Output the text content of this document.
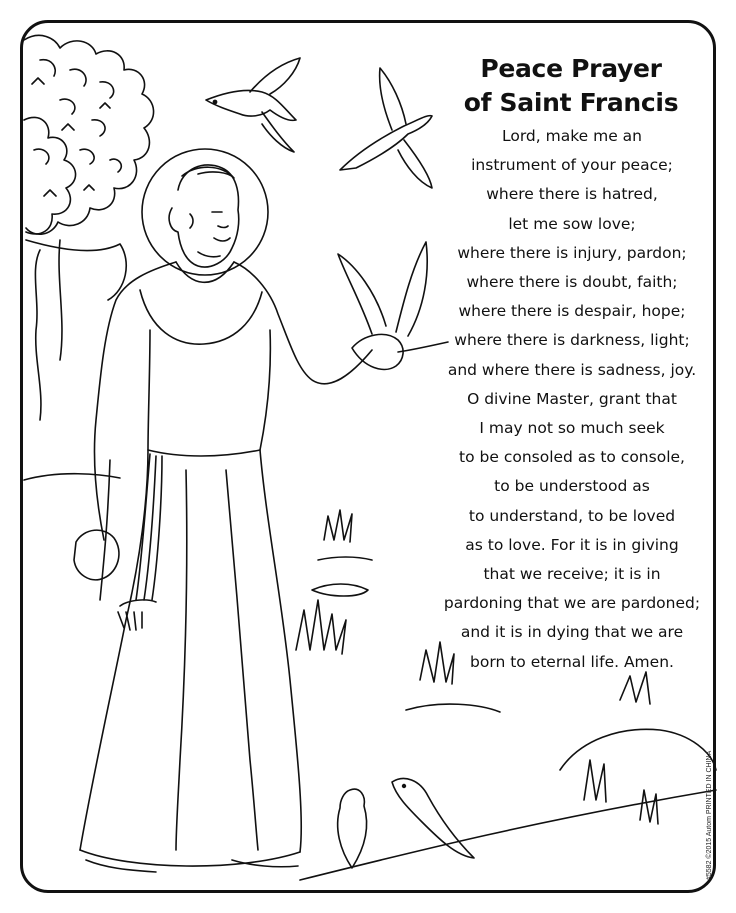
Peace Prayer
of Saint Francis
Lord, make me an
instrument of your peace;
where there is hatred,
let me sow love;
where there is injury, pardon;
where there is doubt, faith;
where there is despair, hope;
where there is darkness, light;
and where there is sadness, joy.
O divine Master, grant that
I may not so much seek
to be consoled as to console,
to be understood as
to understand, to be loved
as to love. For it is in giving
that we receive; it is in
pardoning that we are pardoned;
and it is in dying that we are
born to eternal life. Amen.
#5582 ©2015 Autom PRINTED IN CHINA
